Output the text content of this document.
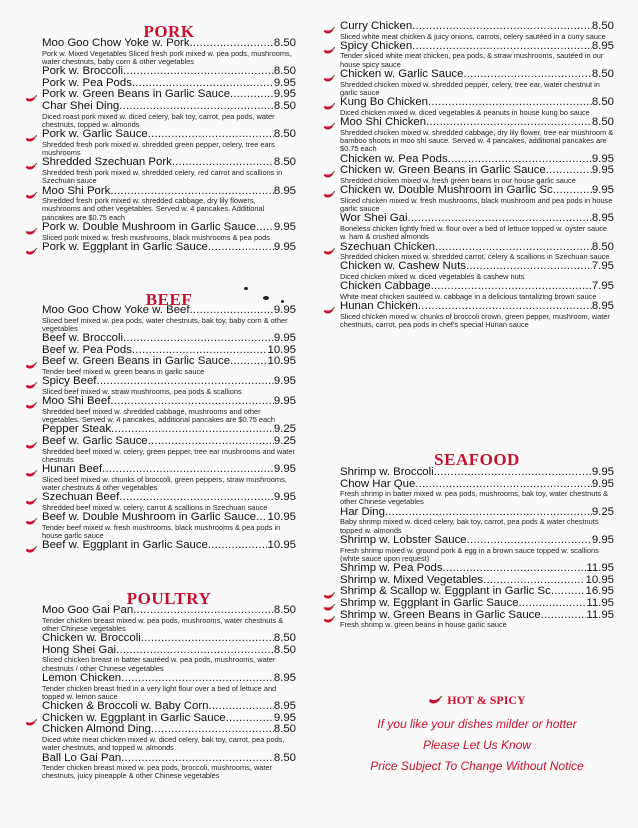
PORK
Moo Goo Chow Yoke w. Pork .....	8.50
Pork w. Mixed Vegetables Sliced fresh pork mixed w. pea pods, mushrooms, water chestnuts, baby corn & other vegetables
Pork w. Broccoli .....	8.50
Pork w. Pea Pods .....	9.95
Pork w. Green Beans in Garlic Sauce .....	9.95
Char Shei Ding .....	8.50
Diced roast pork mixed w. diced celery, bak toy, carrot, pea pods, water chestnuts, topped w. almonds
Pork w. Garlic Sauce .....	8.50
Shredded fresh pork mixed w. shredded green pepper, celery, tree ears mushrooms
Shredded Szechuan Pork .....	8.50
Shredded fresh pork mixed w. shredded celery, red carrot and scallions in Szechuan sauce
Moo Shi Pork .....	8.95
Shredded fresh pork mixed w. shredded cabbage, dry lily flowers, mushrooms and other vegetables. Served w. 4 pancakes. Additional pancakes are $0.75 each
Pork w. Double Mushroom in Garlic Sauce ..... 9.95
Sliced pork mixed w. fresh mushrooms, black mushrooms & pea pods
Pork w. Eggplant in Garlic Sauce .....	9.95
BEEF
Moo Goo Chow Yoke w. Beef .....	9.95
Sliced beef mixed w. pea pods, water chestnuts, bak toy, baby corn & other vegetables
Beef w. Broccoli .....	9.95
Beef w. Pea Pods .....	10.95
Beef w. Green Beans in Garlic Sauce .....	10.95
Tender beef mixed w. green beans in garlic sauce
Spicy Beef .....	9.95
Sliced beef mixed w. straw mushrooms, pea pods & scallions
Moo Shi Beef .....	9.95
Shredded beef mixed w. shredded cabbage, mushrooms and other vegetables. Served w. 4 pancakes, additional pancakes are $0.75 each
Pepper Steak .....	9.25
Beef w. Garlic Sauce .....	9.25
Shredded beef mixed w. celery, green pepper, tree ear mushrooms and water chestnuts
Hunan Beef .....	9.95
Sliced beef mixed w. chunks of broccoli, green peppers, straw mushrooms, water chestnuts & other vegetables
Szechuan Beef .....	9.95
Shredded beef mixed w. celery, carrot & scallions in Szechuan sauce
Beef w. Double Mushroom in Garlic Sauce ..... 10.95
Tender beef mixed w. fresh mushrooms, black mushrooms & pea pods in house garlic sauce
Beef w. Eggplant in Garlic Sauce .....	10.95
POULTRY
Moo Goo Gai Pan .....	8.50
Tender chicken breast mixed w. pea pods, mushrooms, water chestnuts & other Chinese vegetables
Chicken w. Broccoli .....	8.50
Hong Shei Gai .....	8.50
Sliced chicken breast in batter sautéed w. pea pods, mushrooms, water chestnuts / other Chinese vegetables
Lemon Chicken .....	8.95
Tender chicken breast fried in a very light flour over a bed of lettuce and topped w. lemon sauce
Chicken & Broccoli w. Baby Corn .....	8.95
Chicken w. Eggplant in Garlic Sauce .....	9.95
Chicken Almond Ding .....	8.50
Diced white meat chicken mixed w. diced celery, bak toy, carrot, pea pods, water chestnuts, and topped w. almonds
Ball Lo Gai Pan .....	8.50
Tender chicken breast mixed w. pea pods, broccoli, mushrooms, water chestnuts, juicy pineapple & other Chinese vegetables
Curry Chicken .....	8.50
Sliced white meat chicken & juicy onions, carrots, celery sautéed in a curry sauce
Spicy Chicken .....	8.95
Tender sliced white meat chicken, pea pods, & straw mushrooms, sautéed in our house spicy sauce
Chicken w. Garlic Sauce .....	8.50
Shredded chicken mixed w. shredded pepper, celery, tree ear, water chestnut in garlic sauce
Kung Bo Chicken .....	8.50
Diced chicken mixed w. diced vegetables & peanuts in house kung bo sauce
Moo Shi Chicken .....	8.50
Shredded chicken mixed w. shredded cabbage, dry lily flower, tree ear mushroom & bamboo shoots in moo shi sauce. Served w. 4 pancakes, additional pancakes are $0.75 each
Chicken w. Pea Pods .....	9.95
Chicken w. Green Beans in Garlic Sauce .....	9.95
Shredded chicken mixed w. fresh green beans in our house garlic sauce
Chicken w. Double Mushroom in Garlic Sc .....	9.95
Sliced chicken mixed w. fresh mushrooms, black mushroom and pea pods in house garlic sauce
Wor Shei Gai .....	8.95
Boneless chicken lightly fried w. flour over a bed of lettuce topped w. oyster sauce w. ham & crushed almonds
Szechuan Chicken .....	8.50
Shredded chicken mixed w. shredded carrot, celery & scallions in Szechuan sauce
Chicken w. Cashew Nuts .....	7.95
Diced chicken mixed w. diced vegetables & cashew nuts
Chicken Cabbage .....	7.95
White meat chicken sautéed w. cabbage in a delicious tantalizing brown sauce
Hunan Chicken .....	8.95
Sliced chicken mixed w. chunks of broccoli crown, green pepper, mushroom, water chestnuts, carrot, pea pods in chef's special Hunan sauce
SEAFOOD
Shrimp w. Broccoli .....	9.95
Chow Har Que .....	9.95
Fresh shrimp in batter mixed w. pea pods, mushrooms, bak toy, water chestnuts & other Chinese vegetables
Har Ding .....	9.25
Baby shrimp mixed w. diced celery, bak toy, carrot, pea pods & water chestnuts topped w. almonds
Shrimp w. Lobster Sauce .....	9.95
Fresh shrimp mixed w. ground pork & egg in a brown sauce topped w. scallions (white sauce upon request)
Shrimp w. Pea Pods .....	11.95
Shrimp w. Mixed Vegetables .....	10.95
Shrimp & Scallop w. Eggplant in Garlic Sc .....	16.95
Shrimp w. Eggplant in Garlic Sauce .....	11.95
Shrimp w. Green Beans in Garlic Sauce .....	11.95
Fresh shrimp w. green beans in house garlic sauce
HOT & SPICY
If you like your dishes milder or hotter
Please Let Us Know
Price Subject To Change Without Notice
